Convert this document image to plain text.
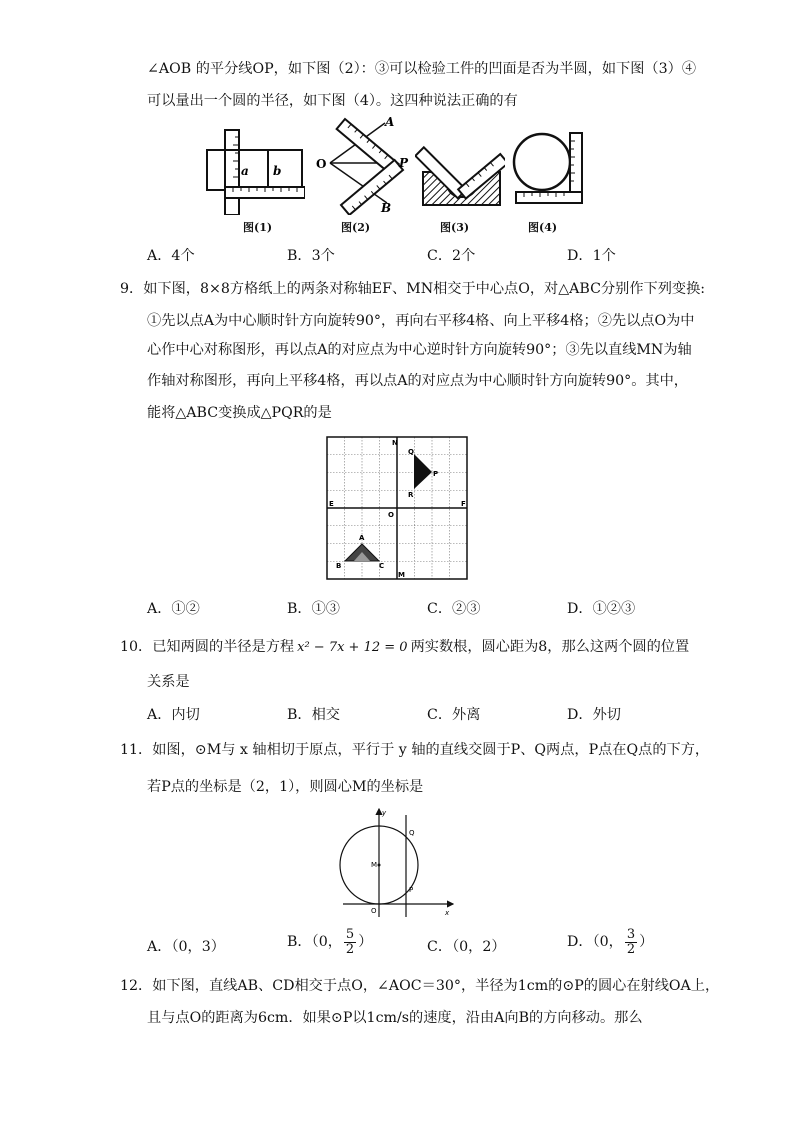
∠AOB 的平分线OP，如下图（2）：③可以检验工件的凹面是否为半圆，如下图（3）④
可以量出一个圆的半径，如下图（4）。这四种说法正确的有
a b	O	P
A
B
图(1)	图(2)	图(3)	图(4)
A．4个	B．3个	C．2个	D．1个
9．如下图，8×8方格纸上的两条对称轴EF、MN相交于中心点O，对△ABC分别作下列变换:
①先以点A为中心顺时针方向旋转90°，再向右平移4格、向上平移4格；②先以点O为中
心作中心对称图形，再以点A的对应点为中心逆时针方向旋转90°；③先以直线MN为轴
作轴对称图形，再向上平移4格，再以点A的对应点为中心顺时针方向旋转90°。其中，
能将△ABC变换成△PQR的是
N
M
E	F
O
Q
P
R
A
B	C
A．①②	B．①③	C．②③	D．①②③
10．已知两圆的半径是方程 x² − 7x + 12 = 0 两实数根，圆心距为8，那么这两个圆的位置
关系是
A．内切	B．相交	C．外离	D．外切
11．如图，⊙M与 x 轴相切于原点，平行于 y 轴的直线交圆于P、Q两点，P点在Q点的下方，
若P点的坐标是（2，1），则圆心M的坐标是
y
x
O
M
P
Q
A．（0，3）	B．（0， $\frac{5}{2}$ ）	C．（0，2）	D．（0， $\frac{3}{2}$ ）
12．如下图，直线AB、CD相交于点O，∠AOC＝30°，半径为1cm的⊙P的圆心在射线OA上，
且与点O的距离为6cm．如果⊙P以1cm/s的速度，沿由A向B的方向移动。那么
